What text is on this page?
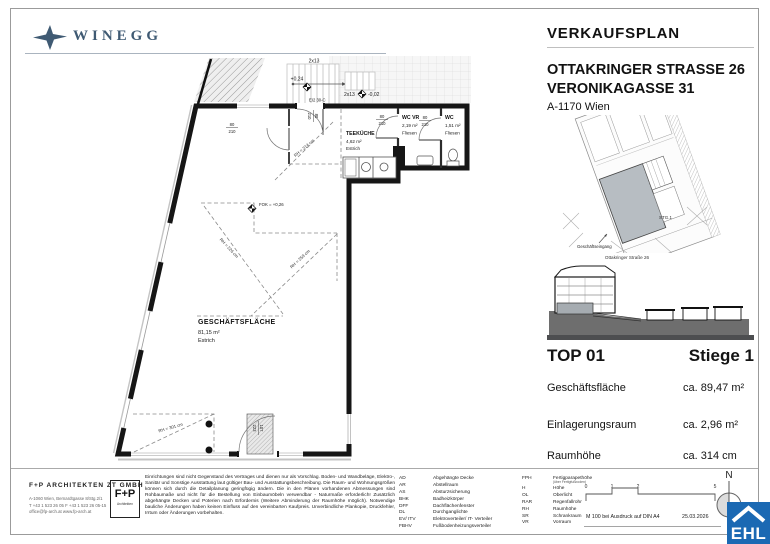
WINEGG	VERKAUFSPLAN
OTTAKRINGER STRASSE 26
VERONIKAGASSE 31
A-1170 Wien
STG.1
Geschäftseingang
Ottakringer Straße 26
TOP 01	Stiege 1
Geschäftsfläche	ca. 89,47 m²
Einlagerungsraum	ca. 2,96 m²
Raumhöhe	ca. 314 cm
2x13
+0,24
2x13	-0,02
EI2 30-C
107
223
80
210
80
210
80
210
80
210
RH = 314 cm
RH = 226 cm
RH = 259 cm
RH = 301 cm
FOK = +0,26
GESCHÄFTSFLÄCHE
81,15 m²
Estrich
TEEKÜCHE
4,62 m²
Estrich
WC VR
2,19 m²
Fliesen
WC
1,51 m²
Fliesen
F+P ARCHITEKTEN ZT GMBH
A-1060 Wien, Bernardtgasse 8/Stg.2/1
T +43 1 523 26 05 F +43 1 523 26 05-15
office@fp-arch.at www.fp-arch.at
F+P
Architekten
Einrichtungen sind nicht Gegenstand des Vertrages und dienen nur als Vorschlag. Boden- und Wandbeläge, Elektro-, Sanitär und Sonstige Ausstattung laut gültiger Bau- und Ausstattungsbeschreibung. Die Raum- und Wohnungsgrößen können sich durch die Detailplanung geringfügig ändern. Die in den Plänen vorhandenen Abmessungen sind Rohbaumaße und nicht für die Bestellung von Einbaumöbeln verwendbar - Naturmaße erforderlich! Zusätzlich abgehängte Decken und Poterien nach Erfordernis (Weitere Abminderung der Raumhöhe möglich). Notwendige bauliche Änderungen haben keinen Einfluss auf den vereinbarten Kaufpreis. Unverbindliche Plankopie, Druckfehler, Irrtum oder Änderungen vorbehalten.
AD	Abgehängte Decke
AR	Abstellraum
AS	Absturzsicherung
BHK	Badheizkörper
DFF	Dachflächenfenster
DL	Durchganglichte
EV/ ITV	Elektroverteiler/ IT- Verteiler
FBHV	Fußbodenheizungsverteiler
FPH	Fertigparapethöhe
(über Fertigfußboden)
H	Höhe
OL	Oberlicht
RAR	Regenfallrohr
RH	Raumhöhe
SR	Schrankraum
VR	Vorraum
0	1	2	5
M 100 bei Ausdruck auf DIN A4	25.03.2026
N
EHL
